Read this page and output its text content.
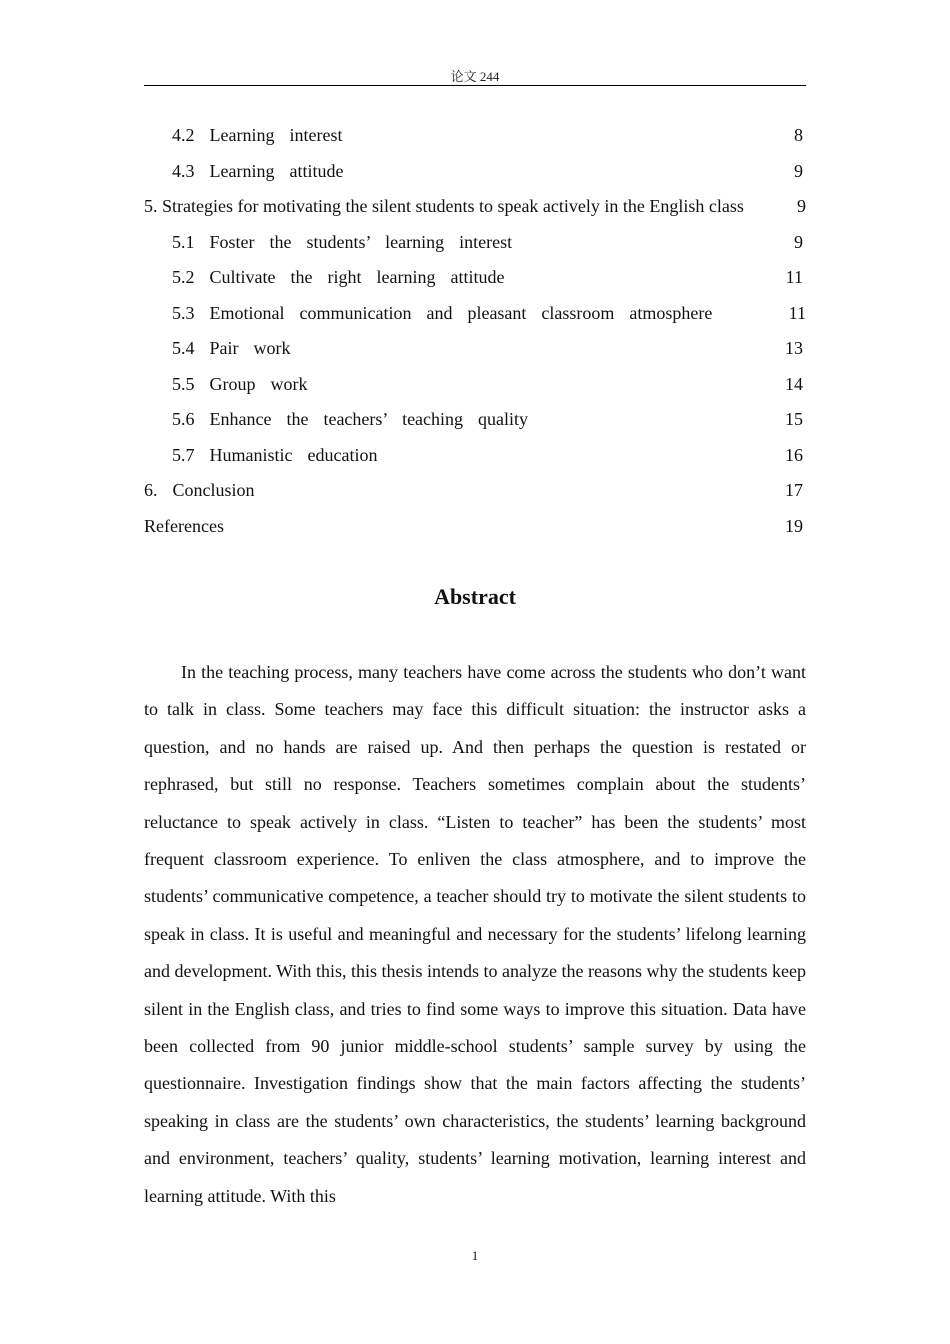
论文 244
4.2  Learning  interest	8
4.3  Learning  attitude	9
5. Strategies for motivating the silent students to speak actively in the English class	9
5.1  Foster  the  students’  learning  interest	9
5.2  Cultivate  the  right  learning  attitude	11
5.3  Emotional  communication  and  pleasant  classroom  atmosphere	11
5.4  Pair  work	13
5.5  Group  work	14
5.6  Enhance  the  teachers’  teaching  quality	15
5.7  Humanistic  education	16
6.  Conclusion	17
References	19
Abstract

In the teaching process, many teachers have come across the students who don’t want to talk in class. Some teachers may face this difficult situation: the instructor asks a question, and no hands are raised up. And then perhaps the question is restated or rephrased, but still no response. Teachers sometimes complain about the students’ reluctance to speak actively in class. “Listen to teacher” has been the students’ most frequent classroom experience. To enliven the class atmosphere, and to improve the students’ communicative competence, a teacher should try to motivate the silent students to speak in class. It is useful and meaningful and necessary for the students’ lifelong learning and development. With this, this thesis intends to analyze the reasons why the students keep silent in the English class, and tries to find some ways to improve this situation. Data have been collected from 90 junior middle-school students’ sample survey by using the questionnaire. Investigation findings show that the main factors affecting the students’ speaking in class are the students’ own characteristics, the students’ learning background and environment, teachers’ quality, students’ learning motivation, learning interest and learning attitude. With this

1
